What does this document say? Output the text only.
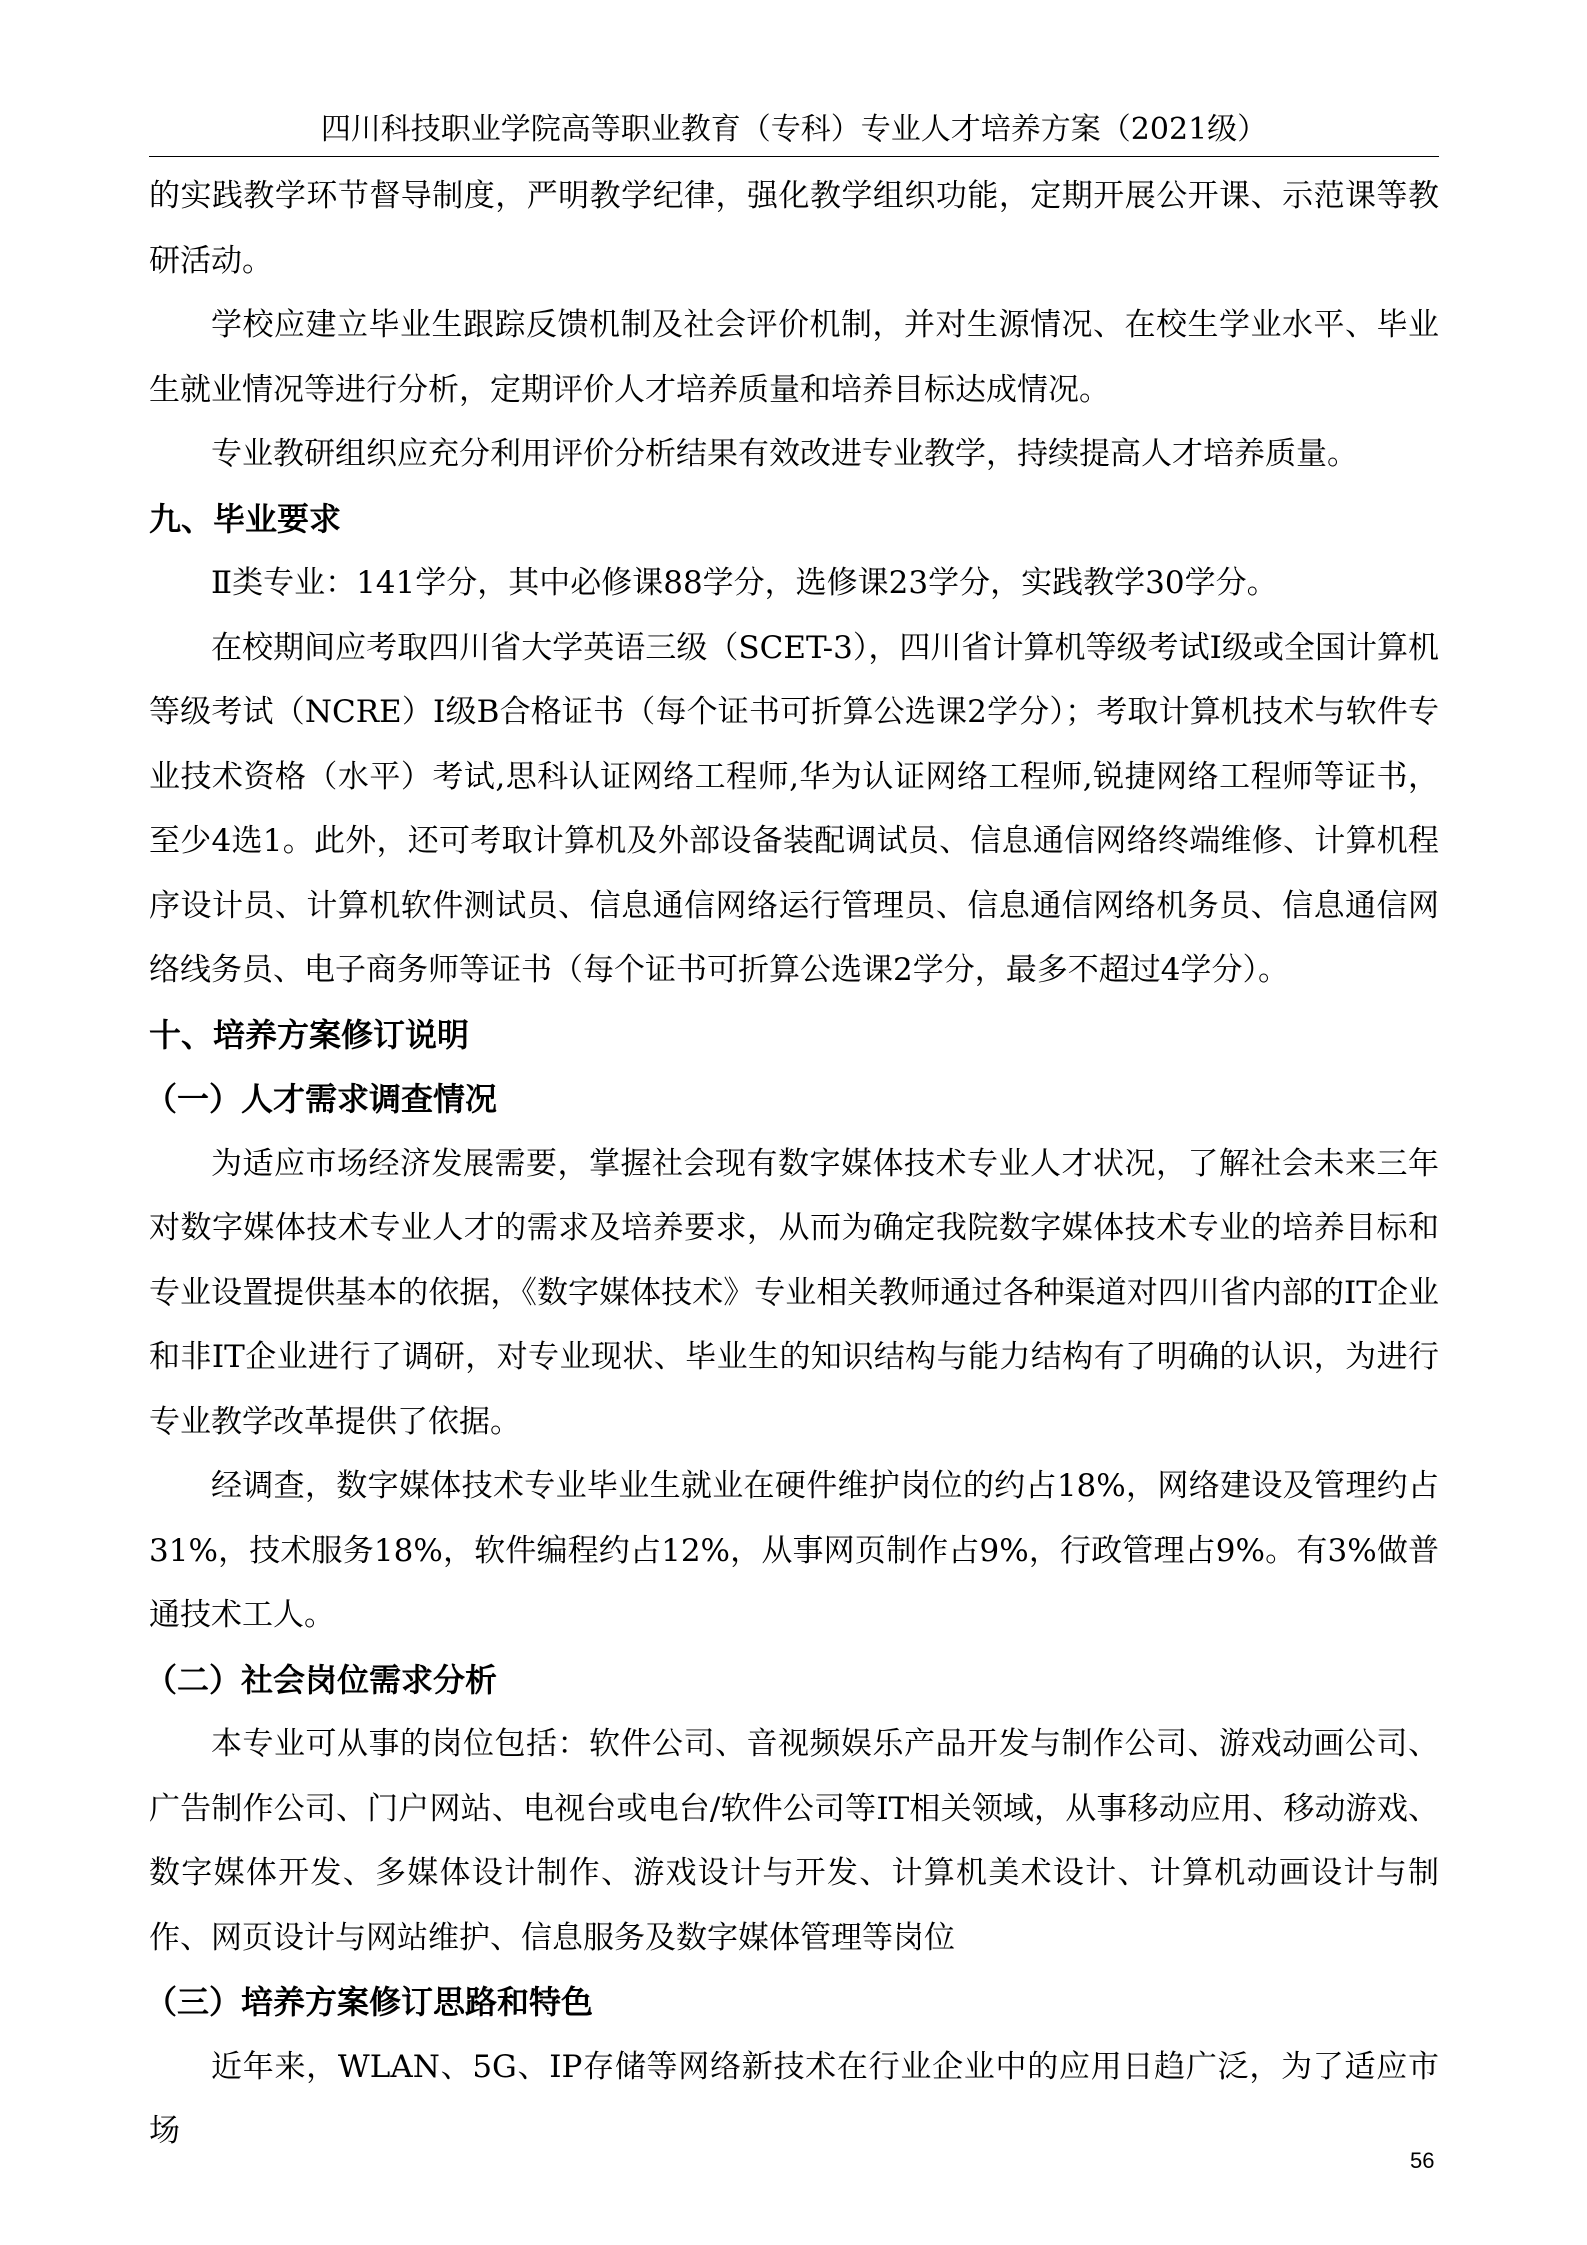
四川科技职业学院高等职业教育（专科）专业人才培养方案（2021级）

的实践教学环节督导制度，严明教学纪律，强化教学组织功能，定期开展公开课、示范课等教研活动。

学校应建立毕业生跟踪反馈机制及社会评价机制，并对生源情况、在校生学业水平、毕业生就业情况等进行分析，定期评价人才培养质量和培养目标达成情况。

专业教研组织应充分利用评价分析结果有效改进专业教学，持续提高人才培养质量。

九、毕业要求

Ⅱ类专业：141学分，其中必修课88学分，选修课23学分，实践教学30学分。

在校期间应考取四川省大学英语三级（SCET-3），四川省计算机等级考试Ⅰ级或全国计算机等级考试（NCRE）Ⅰ级B合格证书（每个证书可折算公选课2学分）；考取计算机技术与软件专业技术资格（水平）考试,思科认证网络工程师,华为认证网络工程师,锐捷网络工程师等证书，至少4选1。此外，还可考取计算机及外部设备装配调试员、信息通信网络终端维修、计算机程序设计员、计算机软件测试员、信息通信网络运行管理员、信息通信网络机务员、信息通信网络线务员、电子商务师等证书（每个证书可折算公选课2学分，最多不超过4学分）。

十、培养方案修订说明

（一）人才需求调查情况

为适应市场经济发展需要，掌握社会现有数字媒体技术专业人才状况，了解社会未来三年对数字媒体技术专业人才的需求及培养要求，从而为确定我院数字媒体技术专业的培养目标和专业设置提供基本的依据，《数字媒体技术》专业相关教师通过各种渠道对四川省内部的IT企业和非IT企业进行了调研，对专业现状、毕业生的知识结构与能力结构有了明确的认识，为进行专业教学改革提供了依据。

经调查，数字媒体技术专业毕业生就业在硬件维护岗位的约占18%，网络建设及管理约占31%，技术服务18%，软件编程约占12%，从事网页制作占9%，行政管理占9%。有3%做普通技术工人。

（二）社会岗位需求分析

本专业可从事的岗位包括：软件公司、音视频娱乐产品开发与制作公司、游戏动画公司、广告制作公司、门户网站、电视台或电台/软件公司等IT相关领域，从事移动应用、移动游戏、数字媒体开发、多媒体设计制作、游戏设计与开发、计算机美术设计、计算机动画设计与制作、网页设计与网站维护、信息服务及数字媒体管理等岗位

（三）培养方案修订思路和特色

近年来，WLAN、5G、IP存储等网络新技术在行业企业中的应用日趋广泛，为了适应市场

56
